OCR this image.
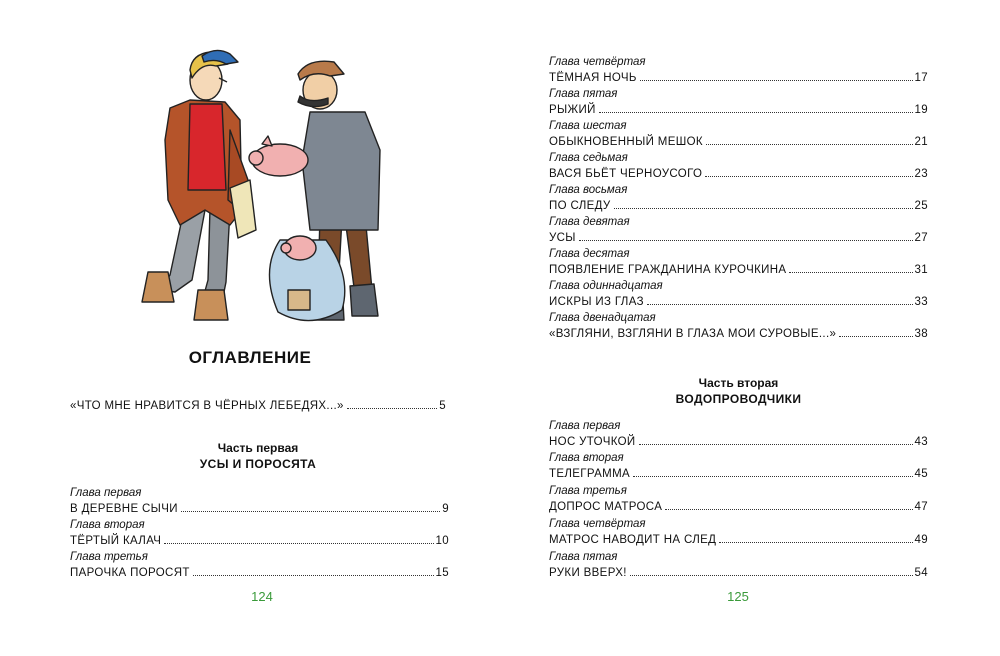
ОГЛАВЛЕНИЕ
«ЧТО МНЕ НРАВИТСЯ В ЧЁРНЫХ ЛЕБЕДЯХ...»	5
Часть первая
УСЫ И ПОРОСЯТА
Глава первая
В ДЕРЕВНЕ СЫЧИ	9
Глава вторая
ТЁРТЫЙ КАЛАЧ	10
Глава третья
ПАРОЧКА ПОРОСЯТ	15
124
Глава четвёртая
ТЁМНАЯ НОЧЬ	17
Глава пятая
РЫЖИЙ	19
Глава шестая
ОБЫКНОВЕННЫЙ МЕШОК	21
Глава седьмая
ВАСЯ БЬЁТ ЧЕРНОУСОГО	23
Глава восьмая
ПО СЛЕДУ	25
Глава девятая
УСЫ	27
Глава десятая
ПОЯВЛЕНИЕ ГРАЖДАНИНА КУРОЧКИНА	31
Глава одиннадцатая
ИСКРЫ ИЗ ГЛАЗ	33
Глава двенадцатая
«ВЗГЛЯНИ, ВЗГЛЯНИ В ГЛАЗА МОИ СУРОВЫЕ...»	38
Часть вторая
ВОДОПРОВОДЧИКИ
Глава первая
НОС УТОЧКОЙ	43
Глава вторая
ТЕЛЕГРАММА	45
Глава третья
ДОПРОС МАТРОСА	47
Глава четвёртая
МАТРОС НАВОДИТ НА СЛЕД	49
Глава пятая
РУКИ ВВЕРХ!	54
125
